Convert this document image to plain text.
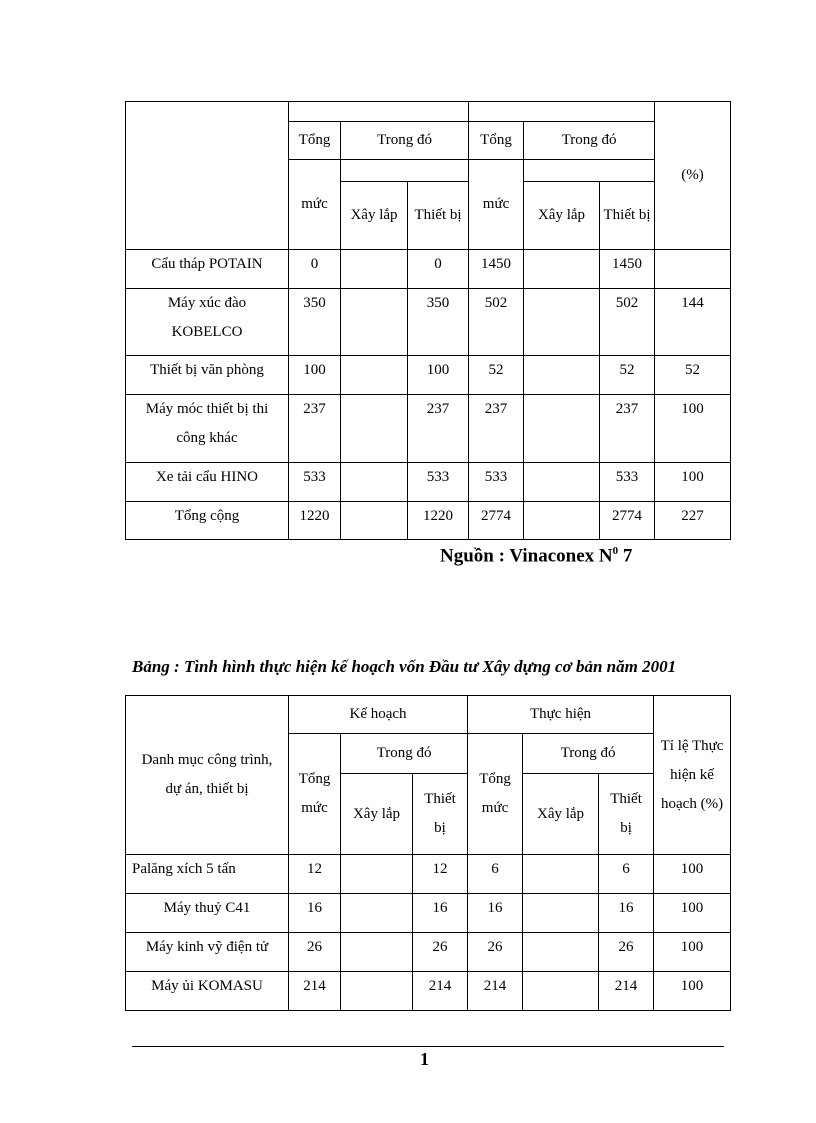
							(%)
	Tổng	Trong đó		Tổng	Trong đó		
	mức			mức			
		Xây lắp	Thiết bị		Xây lắp	Thiết bị	
Cẩu tháp POTAIN	0		0	1450		1450	
Máy xúc đào KOBELCO	350		350	502		502	144
Thiết bị văn phòng	100		100	52		52	52
Máy móc thiết bị thi công khác	237		237	237		237	100
Xe tải cẩu HINO	533		533	533		533	100
Tổng cộng	1220		1220	2774		2774	227
Nguồn : Vinaconex $N^0$ 7
Bảng : Tình hình thực hiện kế hoạch vốn Đầu tư Xây dựng cơ bản năm 2001
Danh mục công trình, dự án, thiết bị	Kế hoạch			Thực hiện			Tỉ lệ Thực hiện kế hoạch (%)
	Tổng mức	Trong đó		Tổng mức	Trong đó		
		Xây lắp	Thiết bị		Xây lắp	Thiết bị	
Palăng xích 5 tấn	12		12	6		6	100
Máy thuỷ C41	16		16	16		16	100
Máy kinh vỹ điện tử	26		26	26		26	100
Máy ủi KOMASU	214		214	214		214	100
1
